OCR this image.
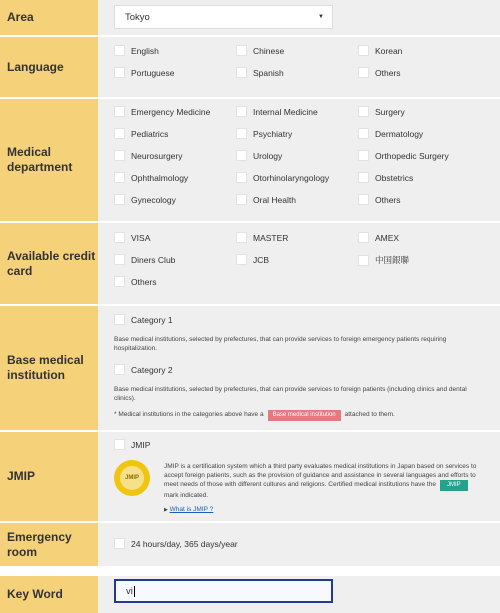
Area	Tokyo	▼
Language
English	Chinese	Korean
Portuguese	Spanish	Others
Medical department
Emergency Medicine	Internal Medicine	Surgery
Pediatrics	Psychiatry	Dermatology
Neurosurgery	Urology	Orthopedic Surgery
Ophthalmology	Otorhinolaryngology	Obstetrics
Gynecology	Oral Health	Others
Available credit card
VISA	MASTER	AMEX
Diners Club	JCB	中国銀聯
Others
Base medical institution
Category 1
Base medical institutions, selected by prefectures, that can provide services to foreign emergency patients requiring hospitalization.
Category 2
Base medical institutions, selected by prefectures, that can provide services to foreign patients (including clinics and dental clinics).
* Medical institutions in the categories above have a Base medical institution attached to them.
JMIP
JMIP
JMIP
JMIP is a certification system which a third party evaluates medical institutions in Japan based on services to accept foreign patients, such as the provision of guidance and assistance in several languages and efforts to meet needs of those with different cultures and religions. Certified medical institutions have the JMIPmark indicated.
▶ What is JMIP ?
Emergency room
24 hours/day, 365 days/year
Key Word	vi
